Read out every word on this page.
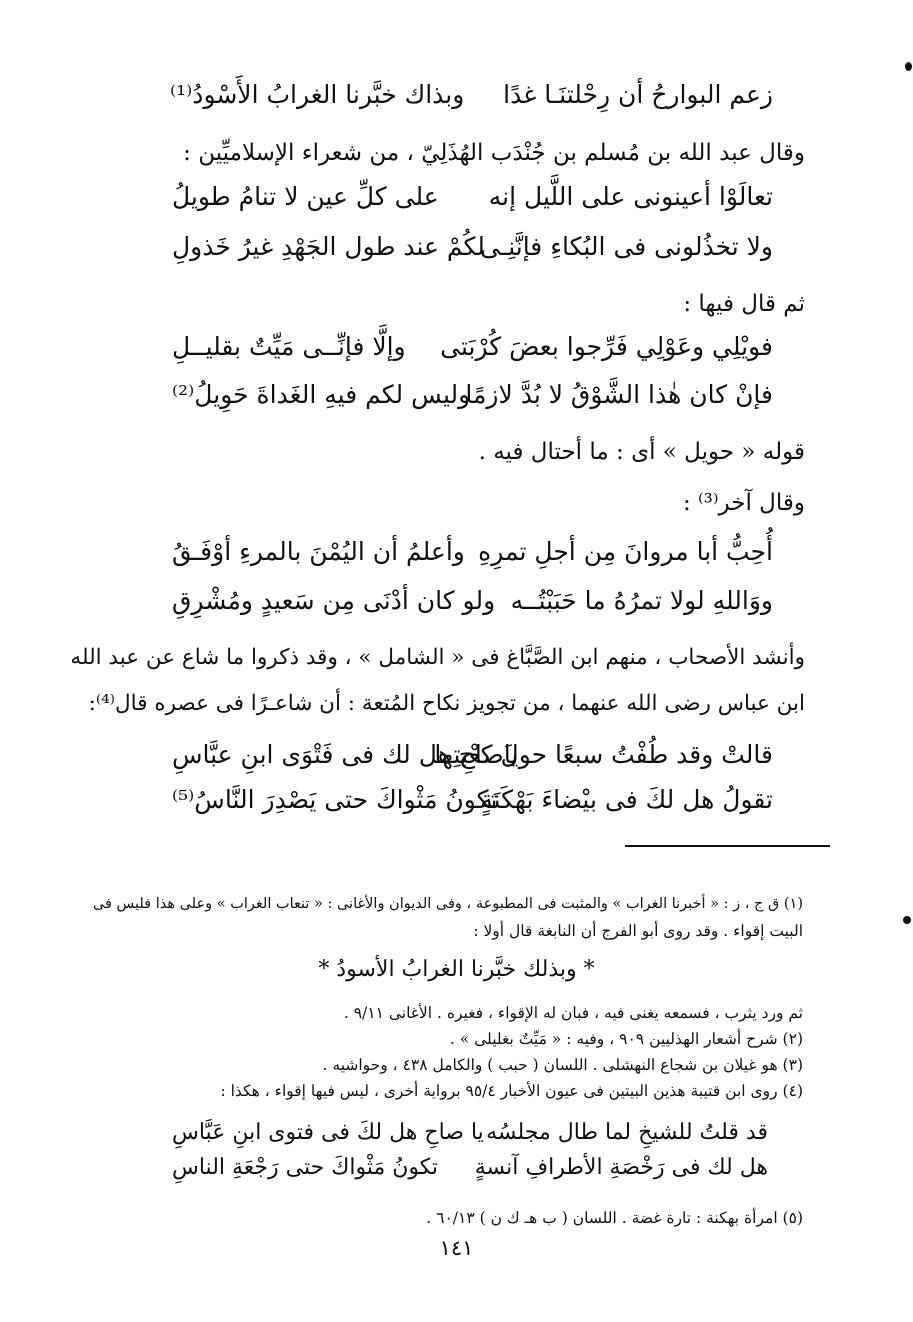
زعم البوارحُ أن رِحْلتنَـا غدًا
وبذاك خبَّرنا الغرابُ الأَسْودُ⁽¹⁾
وقال عبد الله بن مُسلم بن جُنْدَب الهُذَلِيّ ، من شعراء الإسلاميِّين :
تعالَوْا أعينونى على اللَّيل إنه
على كلِّ عين لا تنامُ طويلُ
ولا تخذُلونى فى البُكاءِ فإنَّنِـى
لكُمْ عند طول الجَهْدِ غيرُ خَذولِ
ثم قال فيها :
فويْلِي وعَوْلِي فَرِّجوا بعضَ كُرْبَتى
وإلَّا فإنِّــى مَيِّتٌ بقليــلِ
فإنْ كان هٰذا الشَّوْقُ لا بُدَّ لازمًا
وليس لكم فيهِ الغَداةَ حَوِيلُ⁽²⁾
قوله « حويل » أى : ما أحتال فيه .
وقال آخر⁽³⁾ :
أُحِبُّ أبا مروانَ مِن أجلِ تمرِهِ
وأعلمُ أن اليُمْنَ بالمرءِ أوْفَـقُ
ووَاللهِ لولا تمرُهُ ما حَبَبْتُــه
ولو كان أدْنَى مِن سَعيدٍ ومُشْرِقِ
وأنشد الأصحاب ، منهم ابن الصَّبَّاغ فى « الشامل » ، وقد ذكروا ما شاع عن عبد الله
ابن عباس رضى الله عنهما ، من تجويز نكاح المُتعة : أن شاعـرًا فى عصره قال⁽⁴⁾:
قالتْ وقد طُفْتُ سبعًا حولَ كعْبتِها
ياصاحِ هل لك فى فَتْوَى ابنِ عبَّاسِ
تقولُ هل لكَ فى بيْضاءَ بَهْكَنَةٍ
تكونُ مَثْواكَ حتى يَصْدِرَ النَّاسُ⁽⁵⁾
(١) ق ج ، ز : « أخبرنا الغراب » والمثبت فى المطبوعة ، وفى الديوان والأغانى : « تنعاب الغراب » وعلى هذا فليس فى
البيت إقواء . وقد روى أبو الفرج أن النابغة قال أولا :
* وبذلك خبَّرنا الغرابُ الأسودُ *
ثم ورد يثرب ، فسمعه يغنى فيه ، فبان له الإقواء ، فغيره . الأغانى ٩/١١ .
(٢) شرح أشعار الهذليين ٩٠٩ ، وفيه : « مَيِّتٌ بغليلى » .
(٣) هو غيلان بن شجاع النهشلى . اللسان ( حبب ) والكامل ٤٣٨ ، وحواشيه .
(٤) روى ابن قتيبة هذين البيتين فى عيون الأخبار ٩٥/٤ برواية أخرى ، ليس فيها إقواء ، هكذا :
قد قلتُ للشيخِ لما طال مجلسُه
يا صاحِ هل لكَ فى فتوى ابنِ عَبَّاسِ
هل لك فى رَخْصَةِ الأطرافِ آنسةٍ
تكونُ مَثْواكَ حتى رَجْعَةِ الناسِ
(٥) امرأة بهكنة : تارة غضة . اللسان ( ب هـ ك ن ) ٦٠/١٣ .
١٤١
